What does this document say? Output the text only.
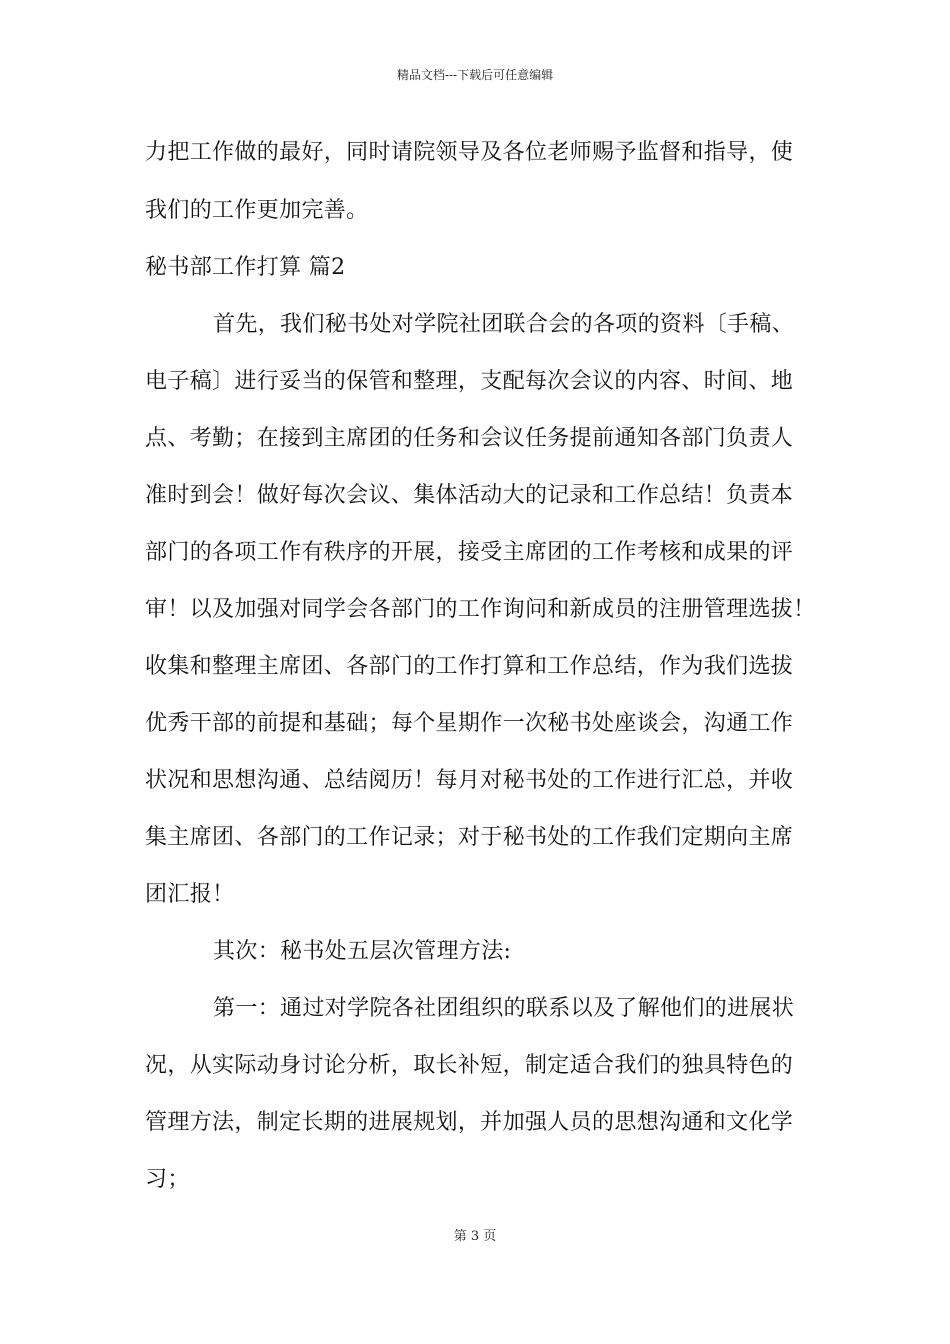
精品文档---下载后可任意编辑
力把工作做的最好，同时请院领导及各位老师赐予监督和指导，使
我们的工作更加完善。
秘书部工作打算 篇2
首先，我们秘书处对学院社团联合会的各项的资料〔手稿、
电子稿〕进行妥当的保管和整理，支配每次会议的内容、时间、地
点、考勤；在接到主席团的任务和会议任务提前通知各部门负责人
准时到会！做好每次会议、集体活动大的记录和工作总结！负责本
部门的各项工作有秩序的开展，接受主席团的工作考核和成果的评
审！以及加强对同学会各部门的工作询问和新成员的注册管理选拔！
收集和整理主席团、各部门的工作打算和工作总结，作为我们选拔
优秀干部的前提和基础；每个星期作一次秘书处座谈会，沟通工作
状况和思想沟通、总结阅历！每月对秘书处的工作进行汇总，并收
集主席团、各部门的工作记录；对于秘书处的工作我们定期向主席
团汇报！
其次：秘书处五层次管理方法:
第一：通过对学院各社团组织的联系以及了解他们的进展状
况，从实际动身讨论分析，取长补短，制定适合我们的独具特色的
管理方法，制定长期的进展规划，并加强人员的思想沟通和文化学
习；
第 3 页
